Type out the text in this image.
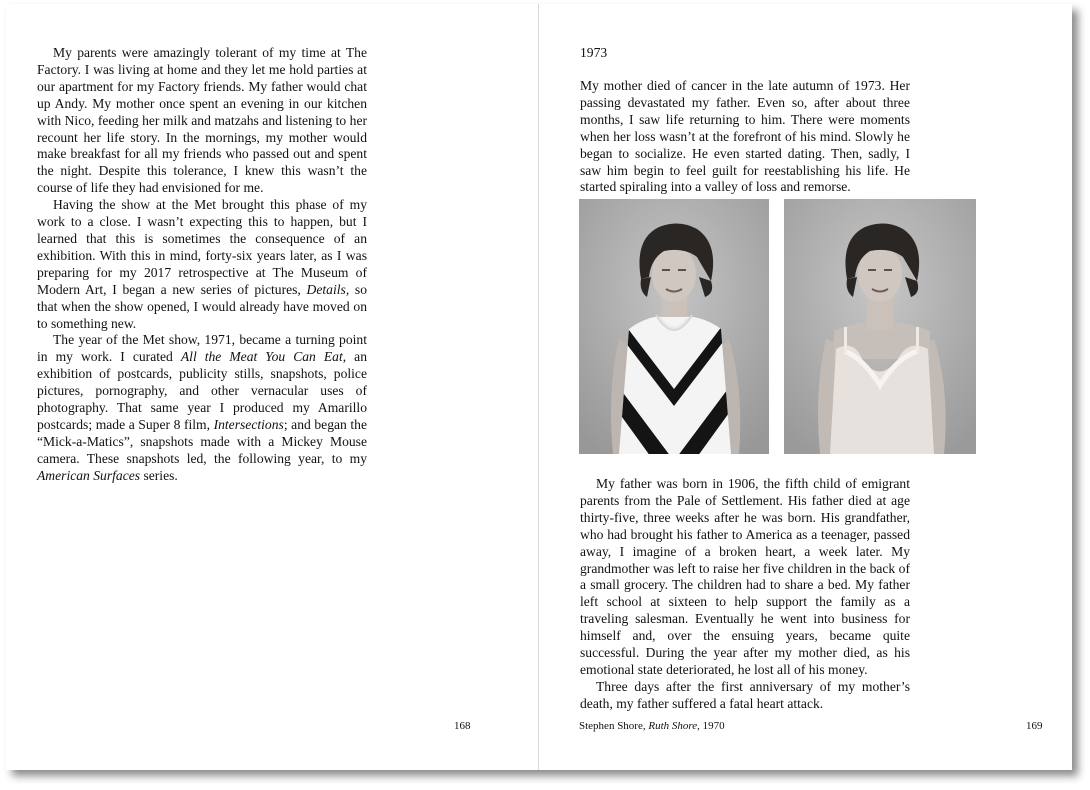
My parents were amazingly tolerant of my time at The Factory. I was living at home and they let me hold parties at our apartment for my Factory friends. My father would chat up Andy. My mother once spent an evening in our kitchen with Nico, feeding her milk and matzahs and listening to her recount her life story. In the mornings, my mother would make breakfast for all my friends who passed out and spent the night. Despite this tolerance, I knew this wasn’t the course of life they had envisioned for me.

Having the show at the Met brought this phase of my work to a close. I wasn’t expecting this to happen, but I learned that this is sometimes the consequence of an exhibition. With this in mind, forty-six years later, as I was preparing for my 2017 retrospective at The Museum of Modern Art, I began a new series of pictures, Details, so that when the show opened, I would already have moved on to something new.

The year of the Met show, 1971, became a turning point in my work. I curated All the Meat You Can Eat, an exhibition of postcards, publicity stills, snapshots, police pictures, pornography, and other vernacular uses of photography. That same year I produced my Amarillo postcards; made a Super 8 film, Intersections; and began the “Mick-a-Matics”, snapshots made with a Mickey Mouse camera. These snapshots led, the following year, to my American Surfaces series.

168
1973

My mother died of cancer in the late autumn of 1973. Her passing devastated my father. Even so, after about three months, I saw life returning to him. There were moments when her loss wasn’t at the forefront of his mind. Slowly he began to socialize. He even started dating. Then, sadly, I saw him begin to feel guilt for reestablishing his life. He started spiraling into a valley of loss and remorse.

My father was born in 1906, the fifth child of emigrant parents from the Pale of Settlement. His father died at age thirty-five, three weeks after he was born. His grandfather, who had brought his father to America as a teenager, passed away, I imagine of a broken heart, a week later. My grandmother was left to raise her five children in the back of a small grocery. The children had to share a bed. My father left school at sixteen to help support the family as a traveling salesman. Eventually he went into business for himself and, over the ensuing years, became quite successful. During the year after my mother died, as his emotional state deteriorated, he lost all of his money.

Three days after the first anniversary of my mother’s death, my father suffered a fatal heart attack.

Stephen Shore, Ruth Shore, 1970	169
